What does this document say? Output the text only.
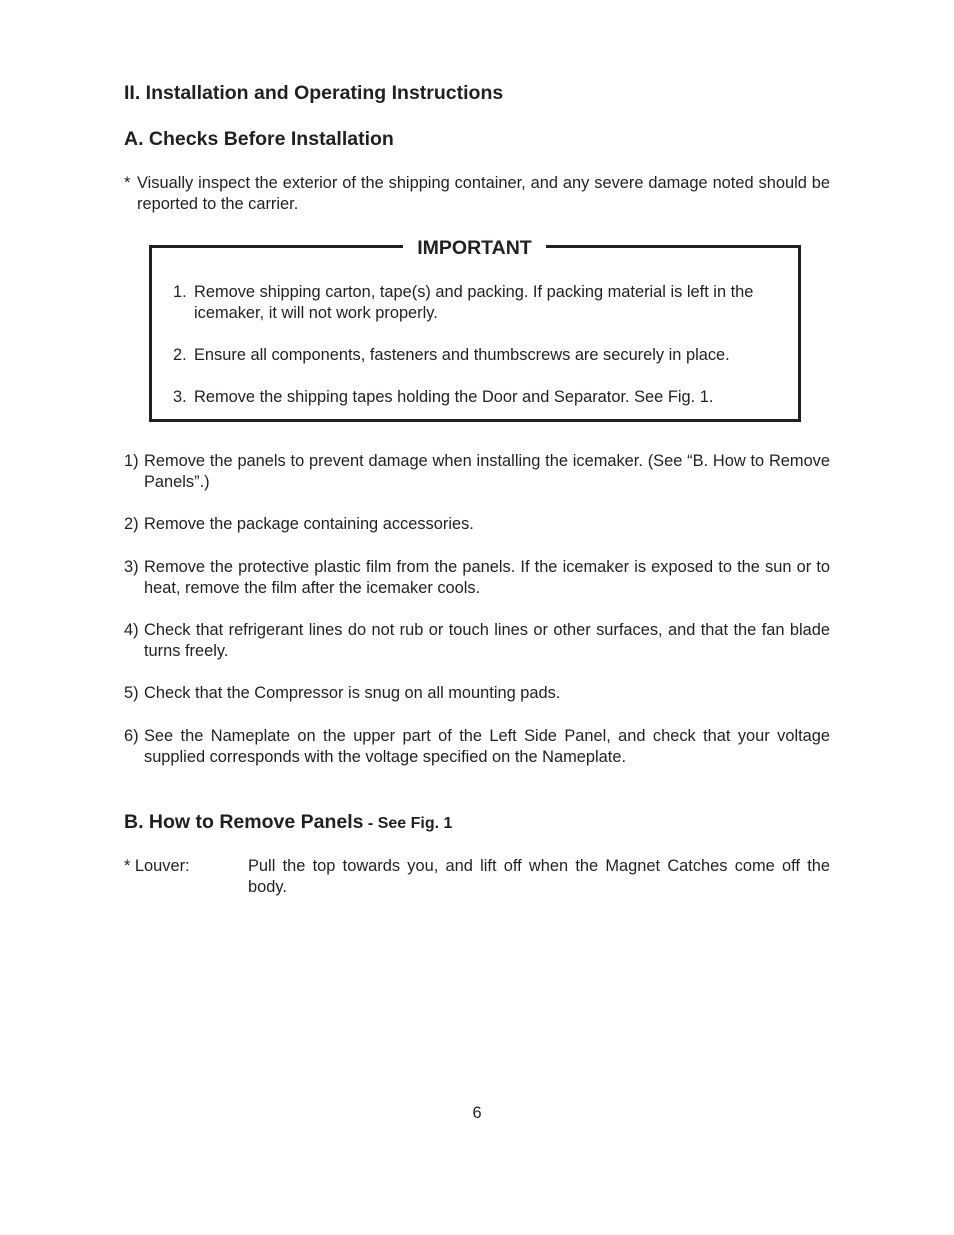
II. Installation and Operating Instructions
A. Checks Before Installation
* Visually inspect the exterior of the shipping container, and any severe damage noted should be reported to the carrier.
1) Remove the panels to prevent damage when installing the icemaker. (See “B. How to Remove Panels”.)
2) Remove the package containing accessories.
3) Remove the protective plastic film from the panels. If the icemaker is exposed to the sun or to heat, remove the film after the icemaker cools.
4) Check that refrigerant lines do not rub or touch lines or other surfaces, and that the fan blade turns freely.
5) Check that the Compressor is snug on all mounting pads.
6) See the Nameplate on the upper part of the Left Side Panel, and check that your voltage supplied corresponds with the voltage specified on the Nameplate.
B. How to Remove Panels - See Fig. 1
* Louver:	Pull the top towards you, and lift off when the Magnet Catches come off the body.
IMPORTANT
1. Remove shipping carton, tape(s) and packing. If packing material is left in the icemaker, it will not work properly.
2. Ensure all components, fasteners and thumbscrews are securely in place.
3. Remove the shipping tapes holding the Door and Separator. See Fig. 1.
6
